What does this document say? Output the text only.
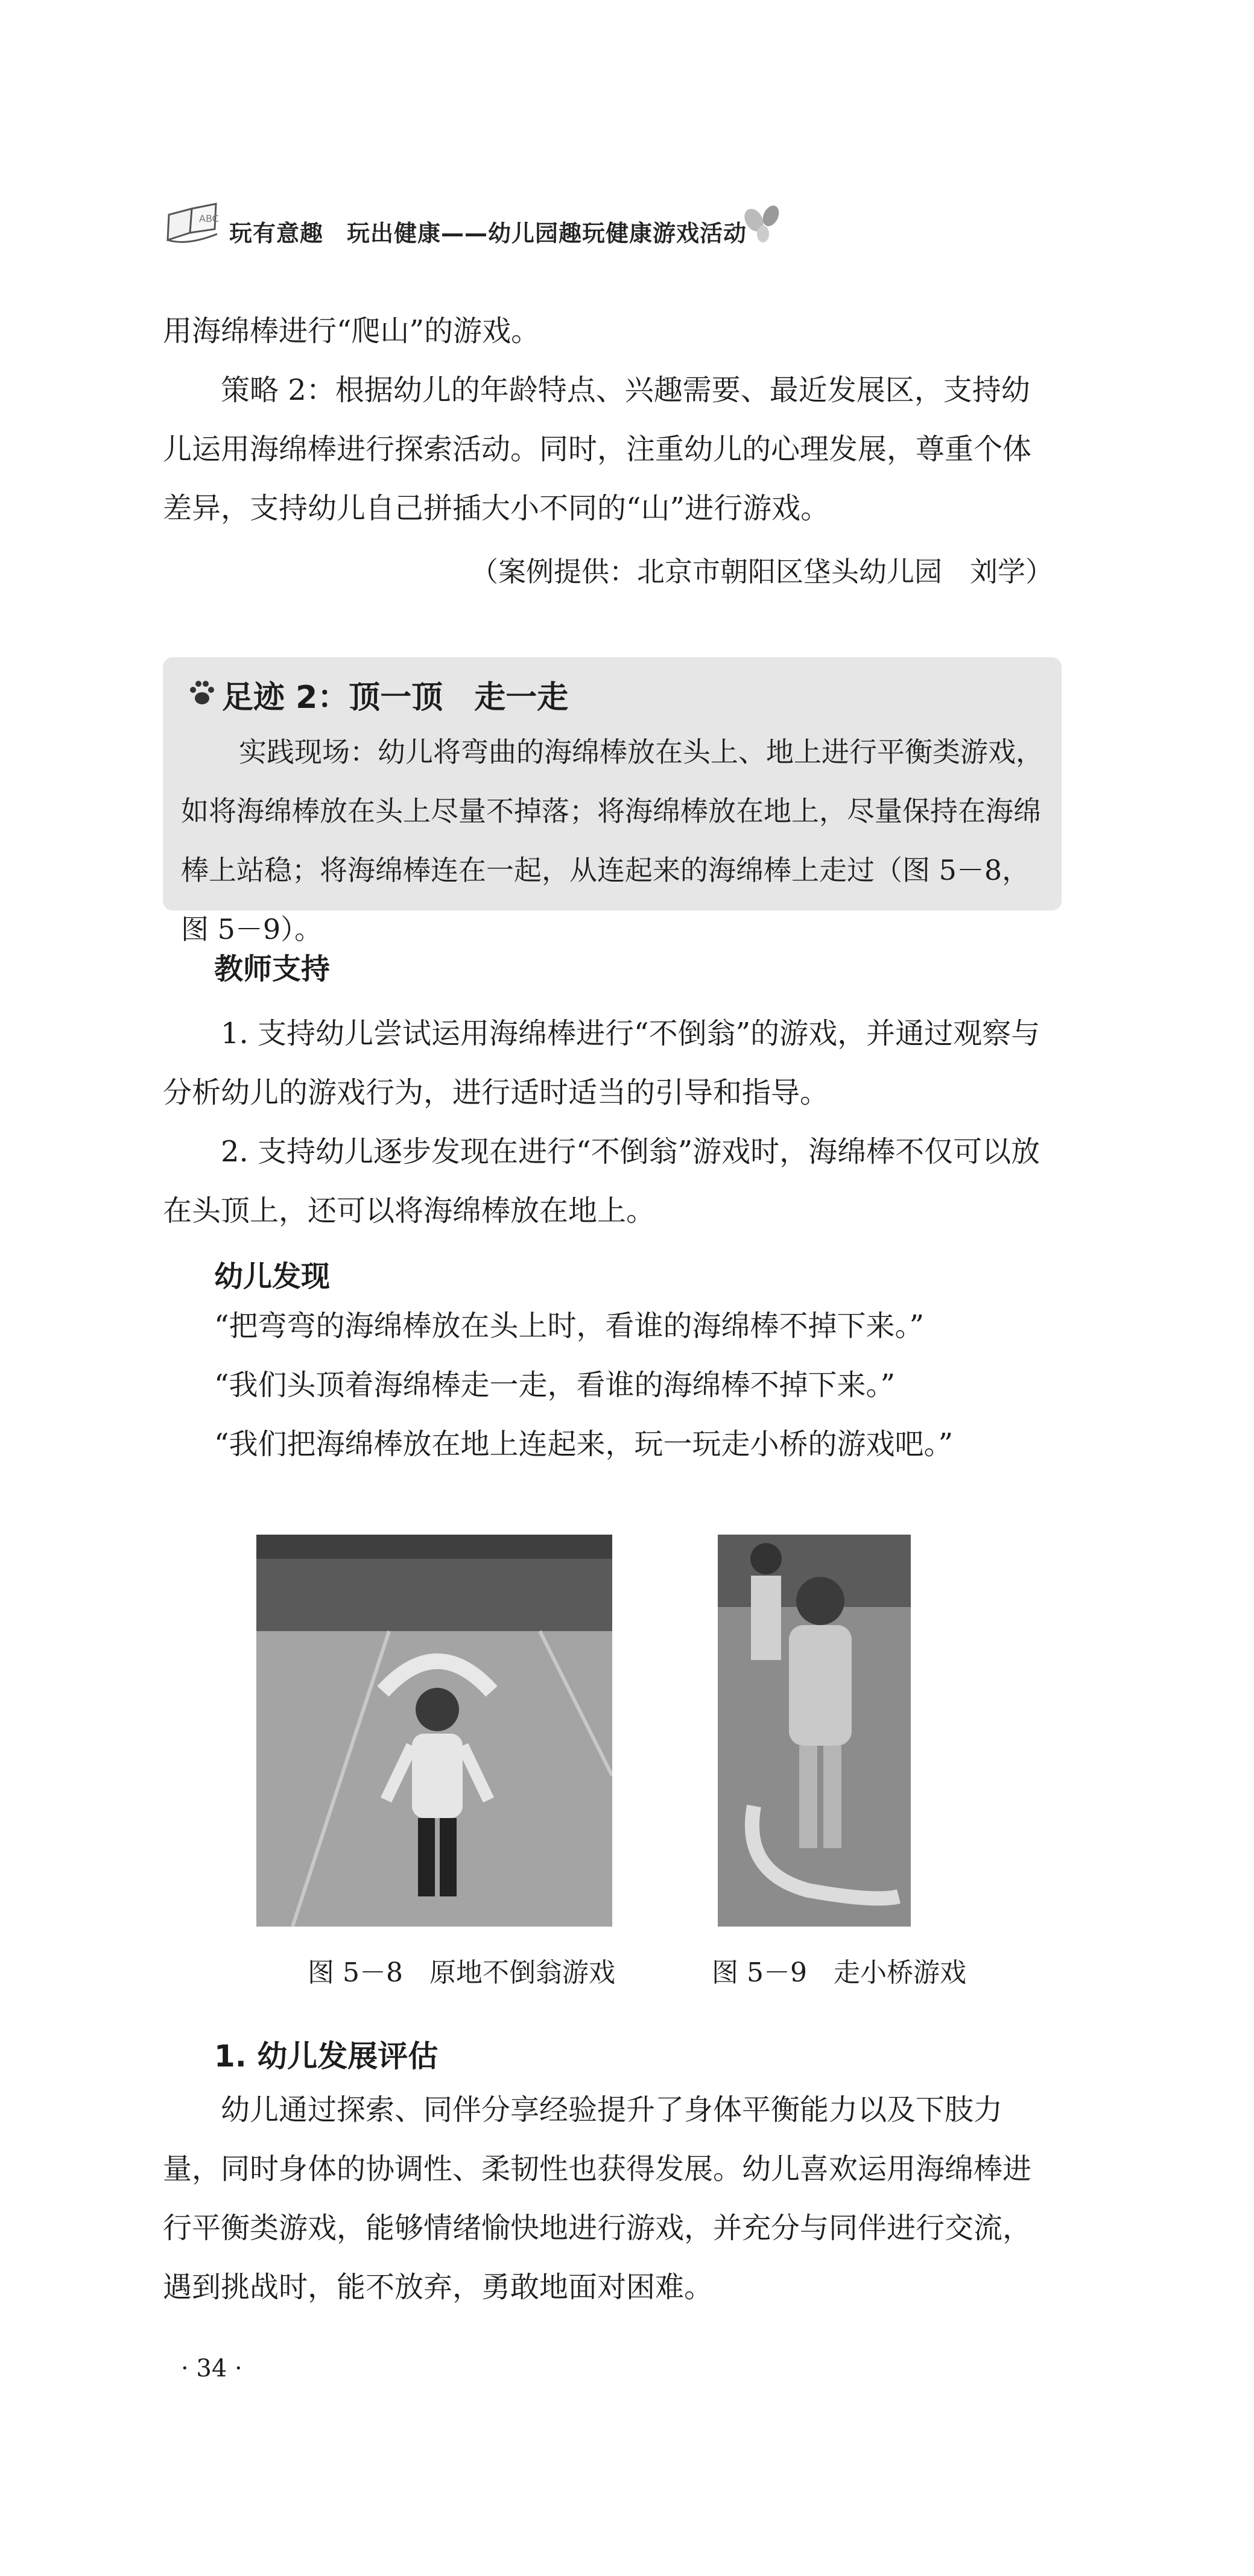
ABC
玩有意趣　玩出健康——幼儿园趣玩健康游戏活动

用海绵棒进行“爬山”的游戏。

策略 2：根据幼儿的年龄特点、兴趣需要、最近发展区，支持幼儿运用海绵棒进行探索活动。同时，注重幼儿的心理发展，尊重个体差异，支持幼儿自己拼插大小不同的“山”进行游戏。

（案例提供：北京市朝阳区垡头幼儿园　刘学）
足迹 2：顶一顶　走一走

实践现场：幼儿将弯曲的海绵棒放在头上、地上进行平衡类游戏，如将海绵棒放在头上尽量不掉落；将海绵棒放在地上，尽量保持在海绵棒上站稳；将海绵棒连在一起，从连起来的海绵棒上走过（图 5－8，图 5－9）。

教师支持

1. 支持幼儿尝试运用海绵棒进行“不倒翁”的游戏，并通过观察与分析幼儿的游戏行为，进行适时适当的引导和指导。

2. 支持幼儿逐步发现在进行“不倒翁”游戏时，海绵棒不仅可以放在头顶上，还可以将海绵棒放在地上。

幼儿发现
“把弯弯的海绵棒放在头上时，看谁的海绵棒不掉下来。”
“我们头顶着海绵棒走一走，看谁的海绵棒不掉下来。”
“我们把海绵棒放在地上连起来，玩一玩走小桥的游戏吧。”
图 5－8　原地不倒翁游戏	图 5－9　走小桥游戏
1. 幼儿发展评估

幼儿通过探索、同伴分享经验提升了身体平衡能力以及下肢力量，同时身体的协调性、柔韧性也获得发展。幼儿喜欢运用海绵棒进行平衡类游戏，能够情绪愉快地进行游戏，并充分与同伴进行交流，遇到挑战时，能不放弃，勇敢地面对困难。

· 34 ·
